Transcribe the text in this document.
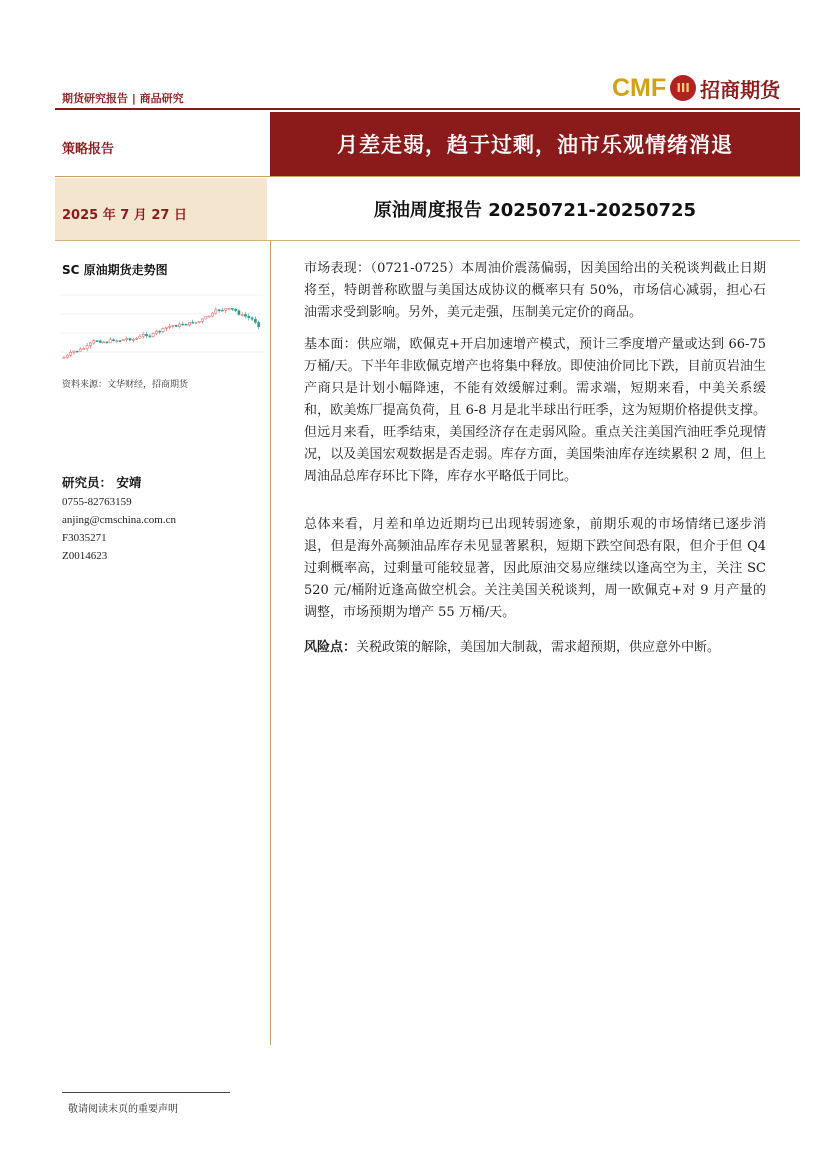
期货研究报告 | 商品研究	CMF III 招商期货
策略报告	月差走弱，趋于过剩，油市乐观情绪消退
2025 年 7 月 27 日	原油周度报告 20250721-20250725
SC 原油期货走势图
资料来源：文华财经，招商期货
研究员： 安靖
0755-82763159
anjing@cmschina.com.cn
F3035271
Z0014623

市场表现：（0721-0725）本周油价震荡偏弱，因美国给出的关税谈判截止日期将至，特朗普称欧盟与美国达成协议的概率只有 50%，市场信心减弱，担心石油需求受到影响。另外，美元走强，压制美元定价的商品。

基本面：供应端，欧佩克+开启加速增产模式，预计三季度增产量或达到 66-75 万桶/天。下半年非欧佩克增产也将集中释放。即使油价同比下跌，目前页岩油生产商只是计划小幅降速，不能有效缓解过剩。需求端，短期来看，中美关系缓和，欧美炼厂提高负荷，且 6-8 月是北半球出行旺季，这为短期价格提供支撑。但远月来看，旺季结束，美国经济存在走弱风险。重点关注美国汽油旺季兑现情况，以及美国宏观数据是否走弱。库存方面，美国柴油库存连续累积 2 周，但上周油品总库存环比下降，库存水平略低于同比。

总体来看，月差和单边近期均已出现转弱迹象，前期乐观的市场情绪已逐步消退，但是海外高频油品库存未见显著累积，短期下跌空间恐有限，但介于但 Q4 过剩概率高，过剩量可能较显著，因此原油交易应继续以逢高空为主，关注 SC 520 元/桶附近逢高做空机会。关注美国关税谈判，周一欧佩克+对 9 月产量的调整，市场预期为增产 55 万桶/天。

风险点：关税政策的解除，美国加大制裁，需求超预期，供应意外中断。

敬请阅读末页的重要声明
